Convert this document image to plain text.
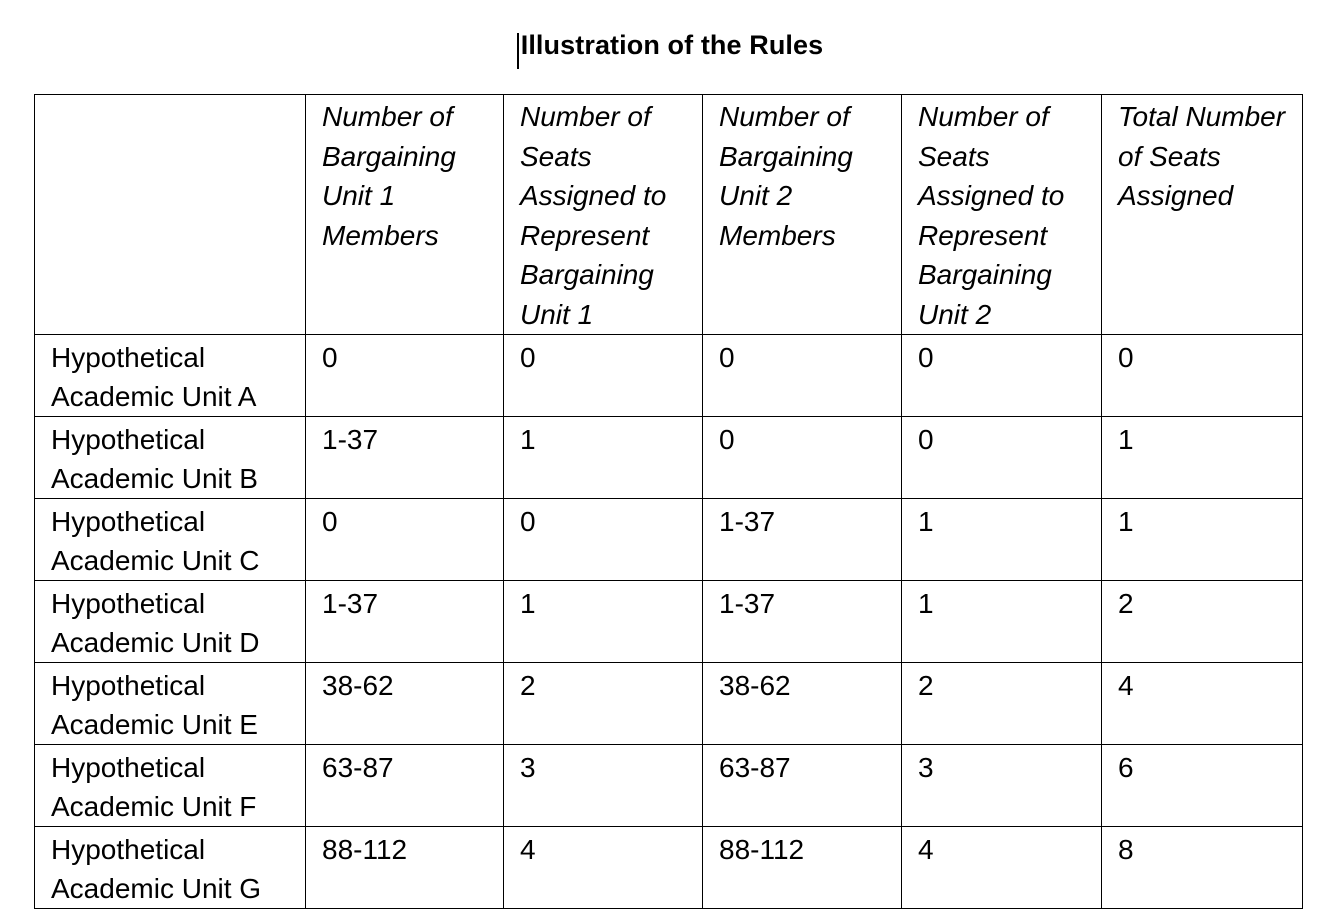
Illustration of the Rules
	Number of Bargaining Unit 1 Members	Number of Seats Assigned to Represent Bargaining Unit 1	Number of Bargaining Unit 2 Members	Number of Seats Assigned to Represent Bargaining Unit 2	Total Number of Seats Assigned
Hypothetical Academic Unit A	0	0	0	0	0
Hypothetical Academic Unit B	1-37	1	0	0	1
Hypothetical Academic Unit C	0	0	1-37	1	1
Hypothetical Academic Unit D	1-37	1	1-37	1	2
Hypothetical Academic Unit E	38-62	2	38-62	2	4
Hypothetical Academic Unit F	63-87	3	63-87	3	6
Hypothetical Academic Unit G	88-112	4	88-112	4	8
